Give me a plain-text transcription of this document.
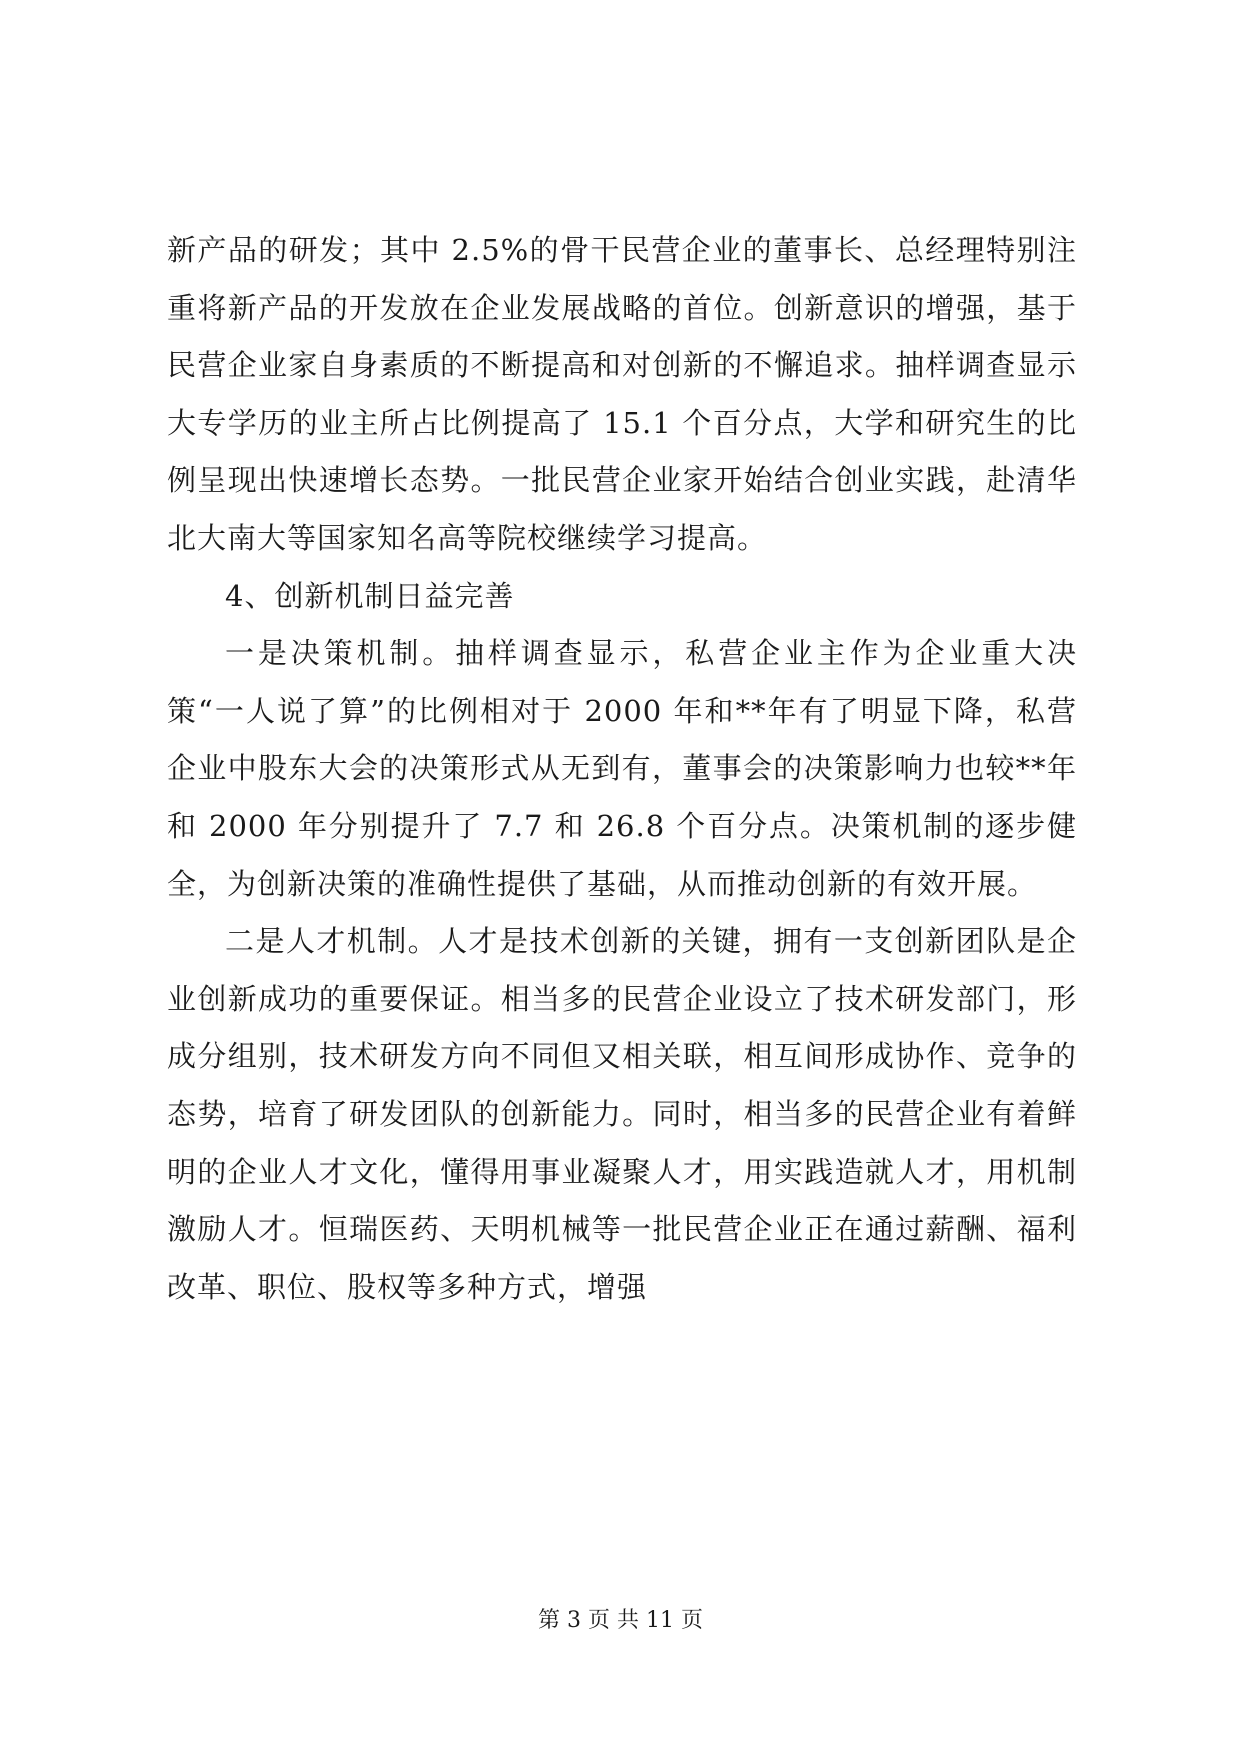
新产品的研发；其中 2.5%的骨干民营企业的董事长、总经理特别注重将新产品的开发放在企业发展战略的首位。创新意识的增强，基于民营企业家自身素质的不断提高和对创新的不懈追求。抽样调查显示大专学历的业主所占比例提高了 15.1 个百分点，大学和研究生的比例呈现出快速增长态势。一批民营企业家开始结合创业实践，赴清华北大南大等国家知名高等院校继续学习提高。

4、创新机制日益完善

一是决策机制。抽样调查显示，私营企业主作为企业重大决策“一人说了算”的比例相对于 2000 年和**年有了明显下降，私营企业中股东大会的决策形式从无到有，董事会的决策影响力也较**年和 2000 年分别提升了 7.7 和 26.8 个百分点。决策机制的逐步健全，为创新决策的准确性提供了基础，从而推动创新的有效开展。

二是人才机制。人才是技术创新的关键，拥有一支创新团队是企业创新成功的重要保证。相当多的民营企业设立了技术研发部门，形成分组别，技术研发方向不同但又相关联，相互间形成协作、竞争的态势，培育了研发团队的创新能力。同时，相当多的民营企业有着鲜明的企业人才文化，懂得用事业凝聚人才，用实践造就人才，用机制激励人才。恒瑞医药、天明机械等一批民营企业正在通过薪酬、福利改革、职位、股权等多种方式，增强

第 3 页 共 11 页
